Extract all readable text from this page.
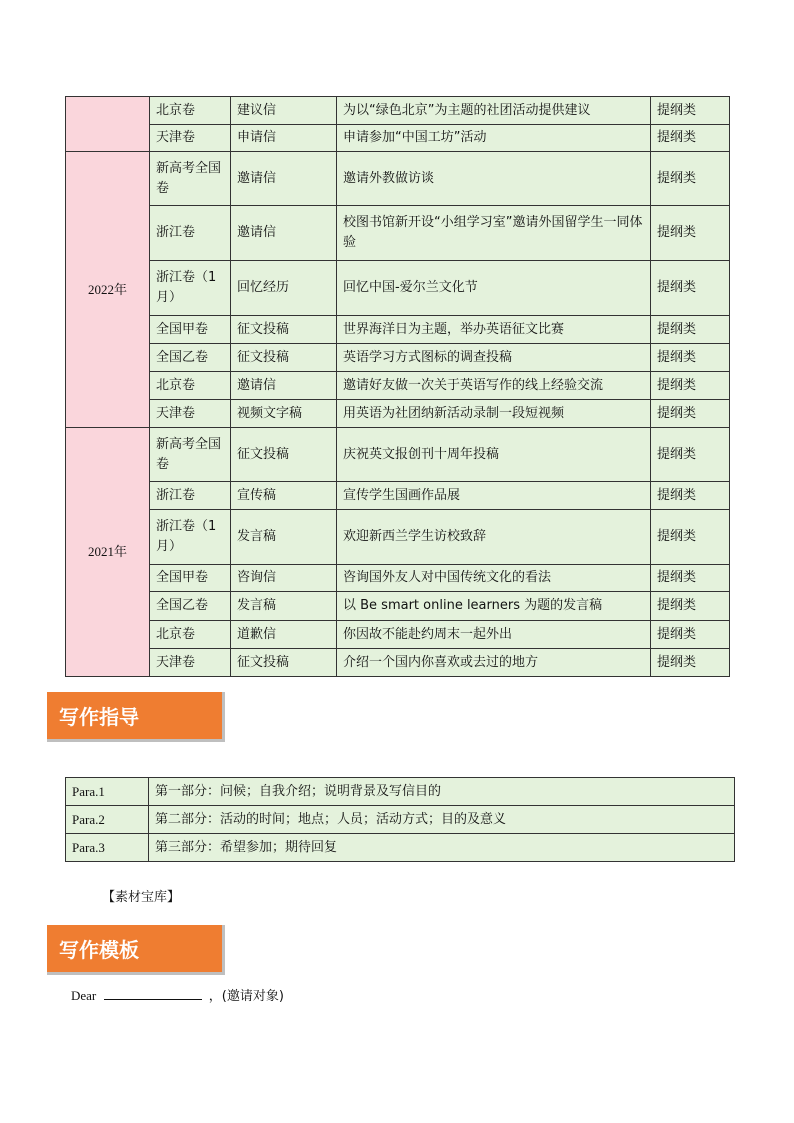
	北京卷	建议信	为以“绿色北京”为主题的社团活动提供建议	提纲类
	天津卷	申请信	申请参加“中国工坊”活动	提纲类
2022年	新高考全国卷	邀请信	邀请外教做访谈	提纲类
	浙江卷	邀请信	校图书馆新开设“小组学习室”邀请外国留学生一同体验	提纲类
	浙江卷（1月）	回忆经历	回忆中国-爱尔兰文化节	提纲类
	全国甲卷	征文投稿	世界海洋日为主题，举办英语征文比赛	提纲类
	全国乙卷	征文投稿	英语学习方式图标的调查投稿	提纲类
	北京卷	邀请信	邀请好友做一次关于英语写作的线上经验交流	提纲类
	天津卷	视频文字稿	用英语为社团纳新活动录制一段短视频	提纲类
2021年	新高考全国卷	征文投稿	庆祝英文报创刊十周年投稿	提纲类
	浙江卷	宣传稿	宣传学生国画作品展	提纲类
	浙江卷（1月）	发言稿	欢迎新西兰学生访校致辞	提纲类
	全国甲卷	咨询信	咨询国外友人对中国传统文化的看法	提纲类
	全国乙卷	发言稿	以 Be smart online learners 为题的发言稿	提纲类
	北京卷	道歉信	你因故不能赴约周末一起外出	提纲类
	天津卷	征文投稿	介绍一个国内你喜欢或去过的地方	提纲类
写作指导
Para.1	第一部分：问候；自我介绍；说明背景及写信目的
Para.2	第二部分：活动的时间；地点；人员；活动方式；目的及意义
Para.3	第三部分：希望参加；期待回复
【素材宝库】
写作模板
Dear	，(邀请对象)
